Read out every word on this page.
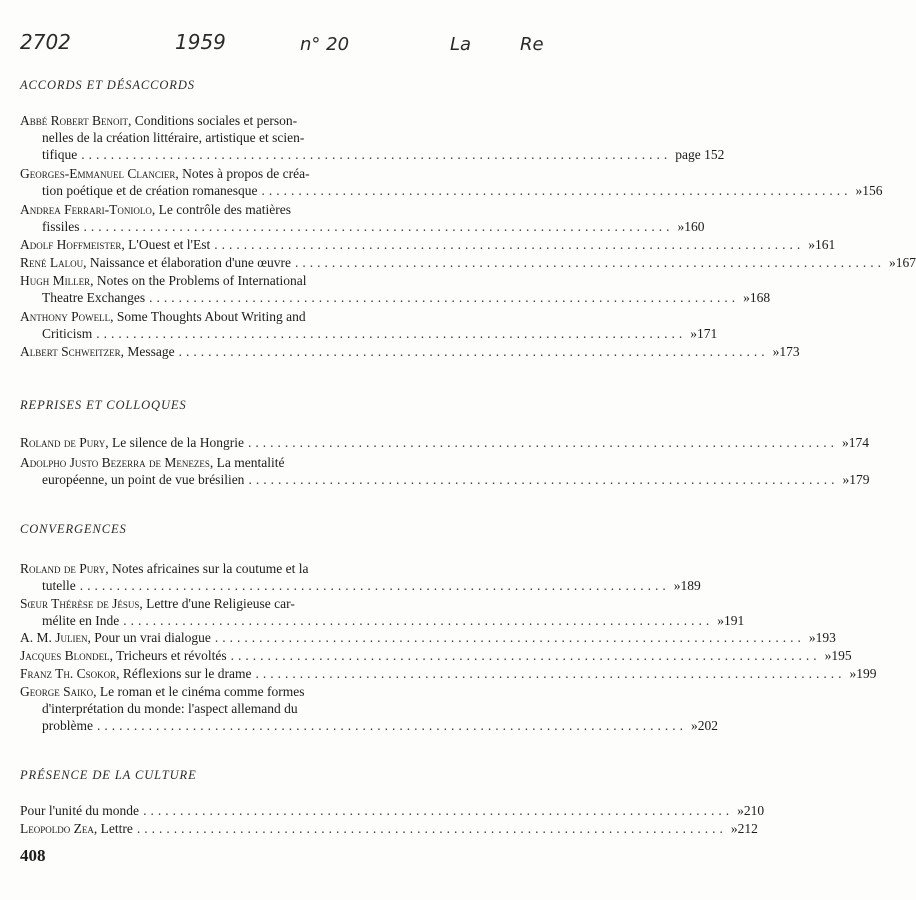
2702	1959	n° 20	La	Re
ACCORDS ET DÉSACCORDS
REPRISES ET COLLOQUES
CONVERGENCES
PRÉSENCE DE LA CULTURE
Abbé Robert Benoit, Conditions sociales et person-
nelles de la création littéraire, artistique et scien-
tifique ................................................................................ page 152
Georges-Emmanuel Clancier, Notes à propos de créa-
tion poétique et de création romanesque ................................................................................ » 156
Andrea Ferrari-Toniolo, Le contrôle des matières
fissiles ................................................................................ » 160
Adolf Hoffmeister, L'Ouest et l'Est ................................................................................ » 161
René Lalou, Naissance et élaboration d'une œuvre ................................................................................ » 167
Hugh Miller, Notes on the Problems of International
Theatre Exchanges ................................................................................ » 168
Anthony Powell, Some Thoughts About Writing and
Criticism ................................................................................ » 171
Albert Schweitzer, Message ................................................................................ » 173
Roland de Pury, Le silence de la Hongrie ................................................................................ » 174
Adolpho Justo Bezerra de Menezes, La mentalité
européenne, un point de vue brésilien ................................................................................ » 179
Roland de Pury, Notes africaines sur la coutume et la
tutelle ................................................................................ » 189
Sœur Thérèse de Jésus, Lettre d'une Religieuse car-
mélite en Inde ................................................................................ » 191
A. M. Julien, Pour un vrai dialogue ................................................................................ » 193
Jacques Blondel, Tricheurs et révoltés ................................................................................ » 195
Franz Th. Csokor, Réflexions sur le drame ................................................................................ » 199
George Saiko, Le roman et le cinéma comme formes
d'interprétation du monde: l'aspect allemand du
problème ................................................................................ » 202
Pour l'unité du monde ................................................................................ » 210
Leopoldo Zea, Lettre ................................................................................ » 212
408
